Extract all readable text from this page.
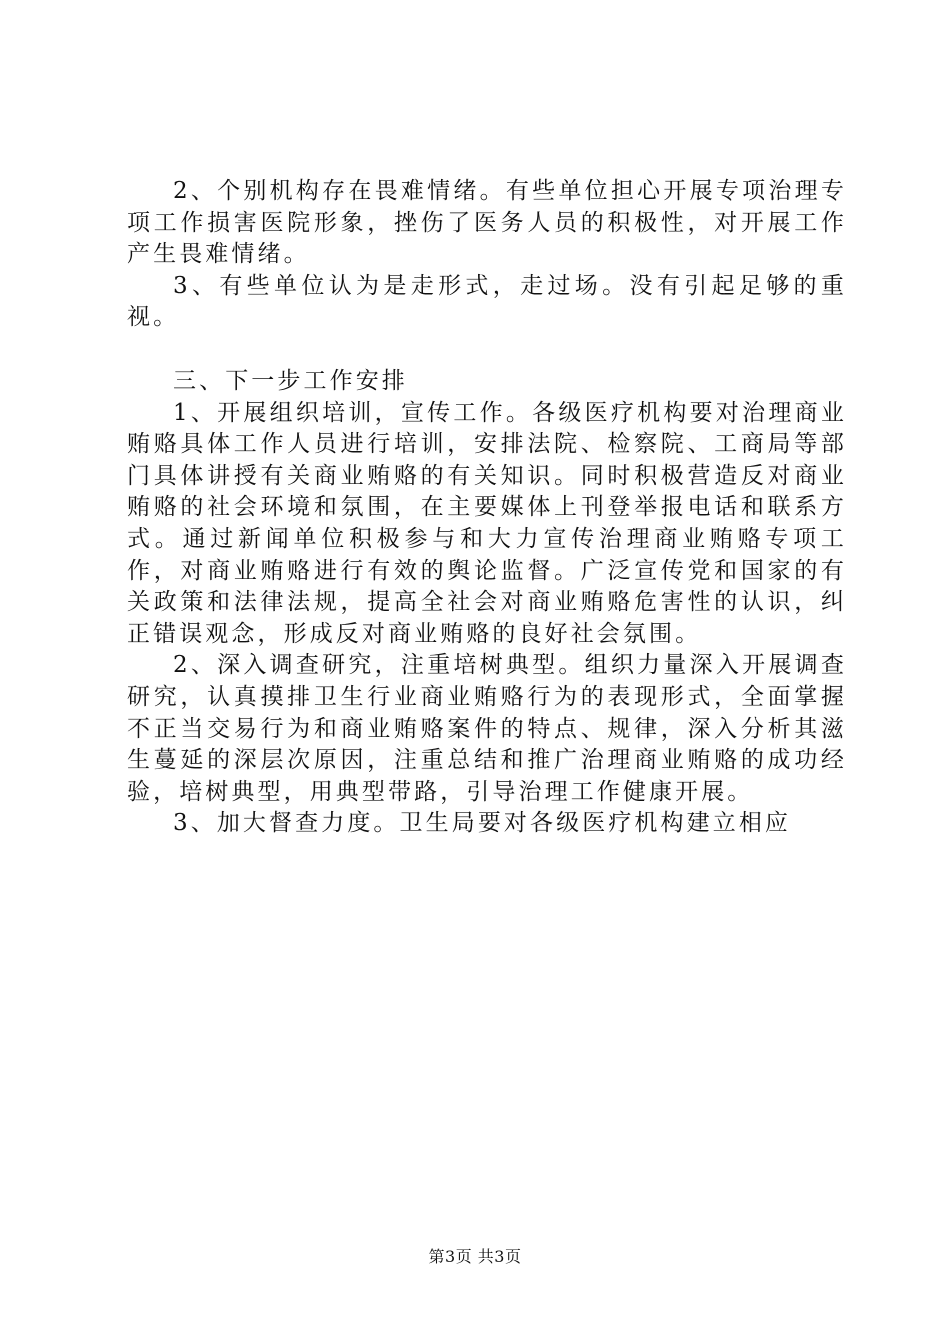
2、个别机构存在畏难情绪。有些单位担心开展专项治理专项工作损害医院形象，挫伤了医务人员的积极性，对开展工作产生畏难情绪。

3、有些单位认为是走形式，走过场。没有引起足够的重视。

三、下一步工作安排

1、开展组织培训，宣传工作。各级医疗机构要对治理商业贿赂具体工作人员进行培训，安排法院、检察院、工商局等部门具体讲授有关商业贿赂的有关知识。同时积极营造反对商业贿赂的社会环境和氛围，在主要媒体上刊登举报电话和联系方式。通过新闻单位积极参与和大力宣传治理商业贿赂专项工作，对商业贿赂进行有效的舆论监督。广泛宣传党和国家的有关政策和法律法规，提高全社会对商业贿赂危害性的认识，纠正错误观念，形成反对商业贿赂的良好社会氛围。

2、深入调查研究，注重培树典型。组织力量深入开展调查研究，认真摸排卫生行业商业贿赂行为的表现形式，全面掌握不正当交易行为和商业贿赂案件的特点、规律，深入分析其滋生蔓延的深层次原因，注重总结和推广治理商业贿赂的成功经验，培树典型，用典型带路，引导治理工作健康开展。

3、加大督查力度。卫生局要对各级医疗机构建立相应

第3页 共3页
